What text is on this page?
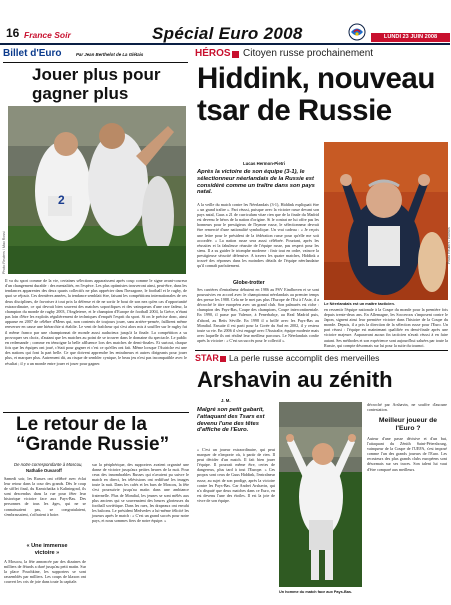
16 France Soir	Spécial Euro 2008	LUNDI 23 JUIN 2008
Billet d'Euro	Par Jean Berthelot de La Glétais
Jouer plus pour gagner plus
2
Photo Reuters / Max Rossi
Il va du sport comme de la vie, certaines sélections apparaissent après coup comme le signe avant-coureur d'un changement durable : des mentalités, en l'espèce. Les plus optimistes trouveront ainsi, peut-être, dans les tendances apparentes des deux quarts collectifs ne plus apprécier dans l'hexagone, le football et le rugby, de quoi se réjouir. Ces dernières années, la tendance semblait être, faisant les compétitions internationales de ces deux disciplines, de favoriser à tout prix la défense et de ne sortir le bout de son nez qu'en cas d'opportunité extraordinaire, ce qui devrait bien souvent des matches soporifiques et des vainqueurs d'une rare fadeur, la champion du monde de rugby 2003, l'Angleterre, et le champion d'Europe de football 2004, la Grèce, n'étant pas loin d'être les exploits régulièrement de techniques d'enquêt l'esprit du sport. Si on le précise donc, ainsi apparue en 2007 de célébre d'Mens qui, non contents de toujours jouer, sans arrière-pensée, faillirent même renverser en cause une hiérarchie si établie. Le vent de fraîcheur qui s'est alors mis à souffler sur le rugby fut il même franco par une championnat de monde aussi audacieux jusqu'à la finale. La compétition a su provoquer ses choix, d'autant que les matches au point de se trouver dans le domaine du spectacle. Le public en redemande ; comme en témoigne la belle affluence lors des matches de demi-finales. Et surtout, chaque fois que les équipes ont joué, c'était pour gagner et c'est ce qu'elles ont fait. Même lorsque l'Autriche est une des nations qui font la part belle. Ce que doivent apprendre les entraîneurs et autres dirigeants pour jouer plus, et marquer plus. Autrement dit, au risque de sembler cynique, le beau jeu n'est pas incompatible avec le résultat ; il y a un monde entre jouer et jouer pour gagner.
HÉROS Citoyen russe prochainement
Hiddink, nouveau tsar de Russie
Lucas Hermon-Pietri
Après la victoire de son équipe (3-1), le sélectionneur néerlandais de la Russie est considéré comme un traître dans son pays natal.
A la veille du match contre les Néerlandais (3-1), Hiddink expliquait être « un grand traître ». Pari réussi, puisque avec la victoire russe devant son pays natal, Guus a 21 de curriculum vitae rien que de la finale du Madrid est devenu le héros de la nation d'origine. Si le contrat ne lui offre pas les honneurs pour le prestigieux de l'hymne russe, le sélectionneur devrait être remercié d'une nationalité symbolique. Un vrai cadeau : « Je reçois une lettre pour le président de la fédération russe pour qu'elle me soit accordée. » La nation russe sera aussi célébrée. Pourtant, après les réussites et la fabuleuse réussite de l'équipe russe, pas respect pour les siens. Il a su guider le triomphe moderne : finir tout en ordre, vaincre la prestigieuse sécurité défensive. A travers les quatre matches, Hiddink a trouvé des réponses dans les moindres détails de l'équipe néerlandaise qu'il connaît parfaitement.
Globe-trotter
Ses carrières d'entraîneur débutent en 1986 au PSV Eindhoven et se sont poursuivies en accord avec le championnat néerlandais au premier temps des presse les 1988. Cela ne le met pas plus l'Europe de l'Est à l'Asie, il a décroché le titre européen avec un grand club. Son palmarès est riche : champion des Pays-Bas, Coupe des champions, Coupe intercontinentale. En 1990, il passe par Valence, à Fenerbahçe, au Real Madrid puis, d'abord, au Betis Séville. En 1998 il a brillé avec les Pays-Bas au Mondial. Ensuite il est parti pour la Corée du Sud en 2002, il y restera toute sa vie. En 2006 il s'est engagé avec l'Australie, équipe modeste mais avec laquelle ils ont réalisé leur meilleur parcours. Le Néerlandais confie après la victoire : « C'est un succès pour le collectif ».
Le Néerlandais est un maître tacticien.
Photo Reuters / Nichols
en ressentir l'équipe nationale à la Coupe du monde pour la première fois depuis trente-deux ans. En Allemagne, les Socceroos s'imposent contre le Japon, signent ainsi leur première victoire dans l'histoire de la Coupe du monde. Depuis, il a pris la direction de la sélection russe pour l'Euro. Un pari réussi : l'équipe est maintenant qualifiée en demi-finale après une victoire majeure. Auparavant aucun fin tacticien n'avait réussi à en faire autant. Ses méthodes et son expérience sont aujourd'hui saluées par toute la Russie, qui compte désormais sur lui pour la suite du tournoi.
Le retour de la “Grande Russie”
De notre correspondante à Moscou,
Nathalie Ouvaroff
Samedi soir, les Russes ont célébré avec éclat leur retour dans la cour des grands. Dès le coup de sifflet final, du Kamtchatka à Kaliningrad, ils sont descendus dans la rue pour fêter leur historique victoire face aux Pays-Bas. Des personnes de tous les âges, qui ne se connaissaient pas, se congratulaient, s'embrassaient, s'offraient à boire.
« Une immense victoire »
A Moscou, la fête annoncée par des dizaines de milliers de fêtards a duré jusqu'au petit matin. Sur la place Pouchkine, les supporters se sont rassemblés par milliers. Les coups de klaxon ont couvert les cris de joie dans toute la capitale.
sur la périphérique, des supporters avaient organisé une danse de victoire jusqu'aux petites heures de la nuit. Pour ceux des innombrables Russes qui n'avaient pu suivre le match en direct, les télévisions ont rediffusé les images toute la nuit. Dans les cafés et les bars de Moscou, la fête s'est poursuivie jusqu'au matin dans une ambiance fraternelle. Plus de Mondial, les jeunes se sont mêlés aux plus anciens qui se souvenaient des heures glorieuses du football soviétique. Dans les rues, les drapeaux ont envahi les balcons. Le président Medvedev a lui-même félicité les joueurs après le match : « C'est un grand succès pour notre pays, et nous sommes fiers de notre équipe. »
STAR La perle russe accomplit des merveilles
Arshavin au zénith
J. M.
Malgré son petit gabarit, l'attaquant des Tsars est devenu l'une des têtes d'affiche de l'Euro.
« C'est un joueur extraordinaire, qui peut marquer de n'importe où, à partir de rien. Il peut décider d'un match. Il fait bien jouer l'équipe. Il pourrait même être, certes de dangereux, plus tard à tout l'Europe. » Ces propos sont ceux de Guus Hiddink, l'entraîneur russe, au sujet de son prodige, après la victoire contre les Pays-Bas. Car Andreï Arshavin, qui n'a disputé que deux matches dans ce Euro, en est devenu l'une des étoiles. Il est la joie de vivre de son équipe.
Un homme du match face aux Pays-Bas.
décroché par Arshavin, ne souffre d'aucune contestation.
Meilleur joueur de l'Euro ?
Auteur d'une passe décisive et d'un but, l'attaquant du Zénith Saint-Pétersbourg, vainqueur de la Coupe de l'UEFA, s'est imposé comme l'un des grands joueurs de l'Euro. Les recruteurs des plus grands clubs européens sont désormais sur ses traces. Son talent lui vaut d'être comparé aux meilleurs.
